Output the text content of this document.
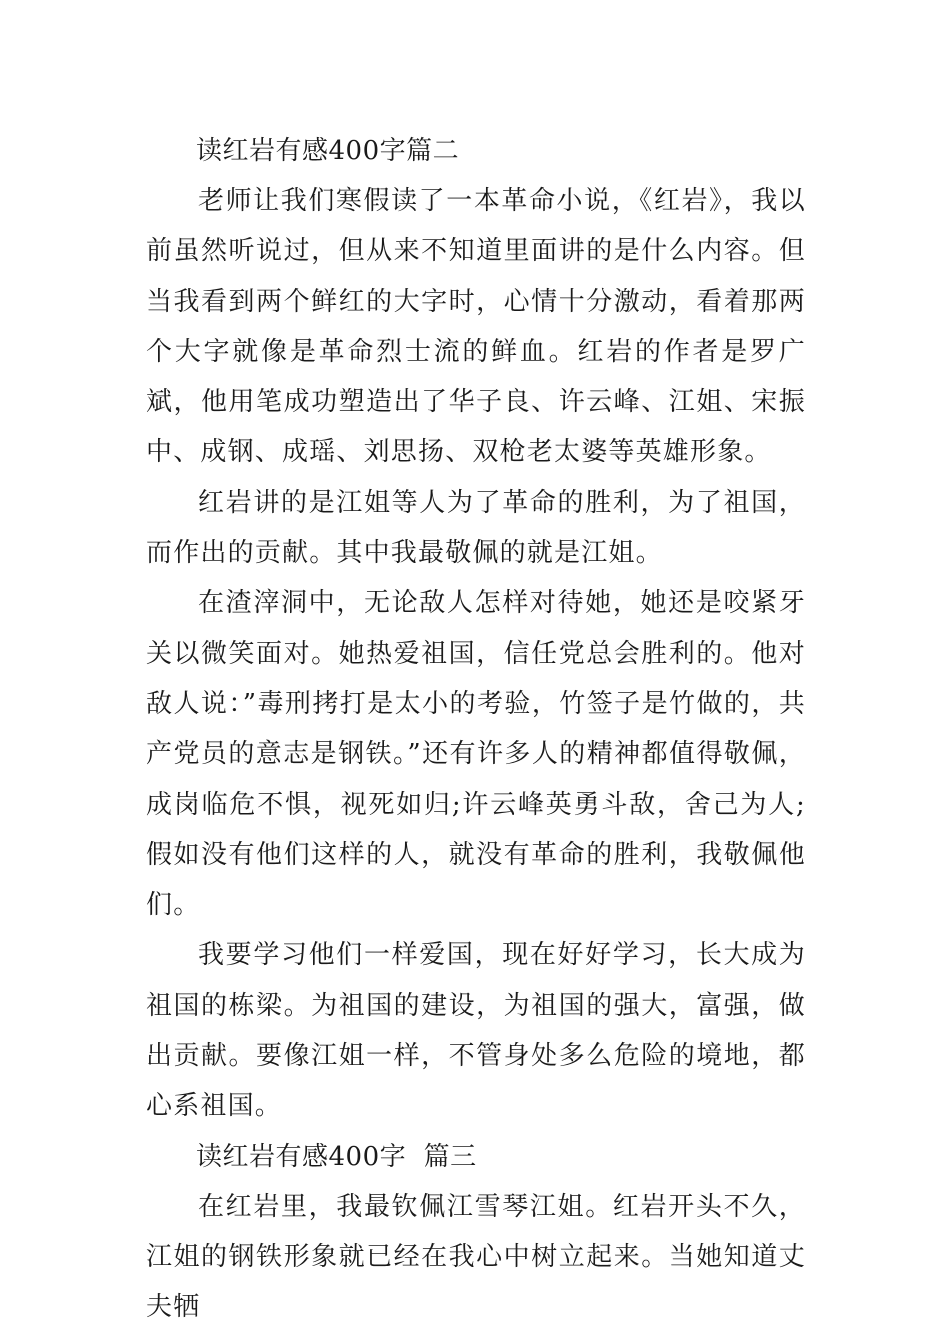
读红岩有感400字篇二

老师让我们寒假读了一本革命小说，《红岩》，我以前虽然听说过，但从来不知道里面讲的是什么内容。但当我看到两个鲜红的大字时，心情十分激动，看着那两个大字就像是革命烈士流的鲜血。红岩的作者是罗广斌，他用笔成功塑造出了华子良、许云峰、江姐、宋振中、成钢、成瑶、刘思扬、双枪老太婆等英雄形象。

红岩讲的是江姐等人为了革命的胜利，为了祖国，而作出的贡献。其中我最敬佩的就是江姐。

在渣滓洞中，无论敌人怎样对待她，她还是咬紧牙关以微笑面对。她热爱祖国，信任党总会胜利的。他对敌人说：”毒刑拷打是太小的考验，竹签子是竹做的，共产党员的意志是钢铁。”还有许多人的精神都值得敬佩，成岗临危不惧，视死如归;许云峰英勇斗敌，舍己为人;假如没有他们这样的人，就没有革命的胜利，我敬佩他们。

我要学习他们一样爱国，现在好好学习，长大成为祖国的栋梁。为祖国的建设，为祖国的强大，富强，做出贡献。要像江姐一样，不管身处多么危险的境地，都心系祖国。

读红岩有感400字  篇三

在红岩里，我最钦佩江雪琴江姐。红岩开头不久，江姐的钢铁形象就已经在我心中树立起来。当她知道丈夫牺
